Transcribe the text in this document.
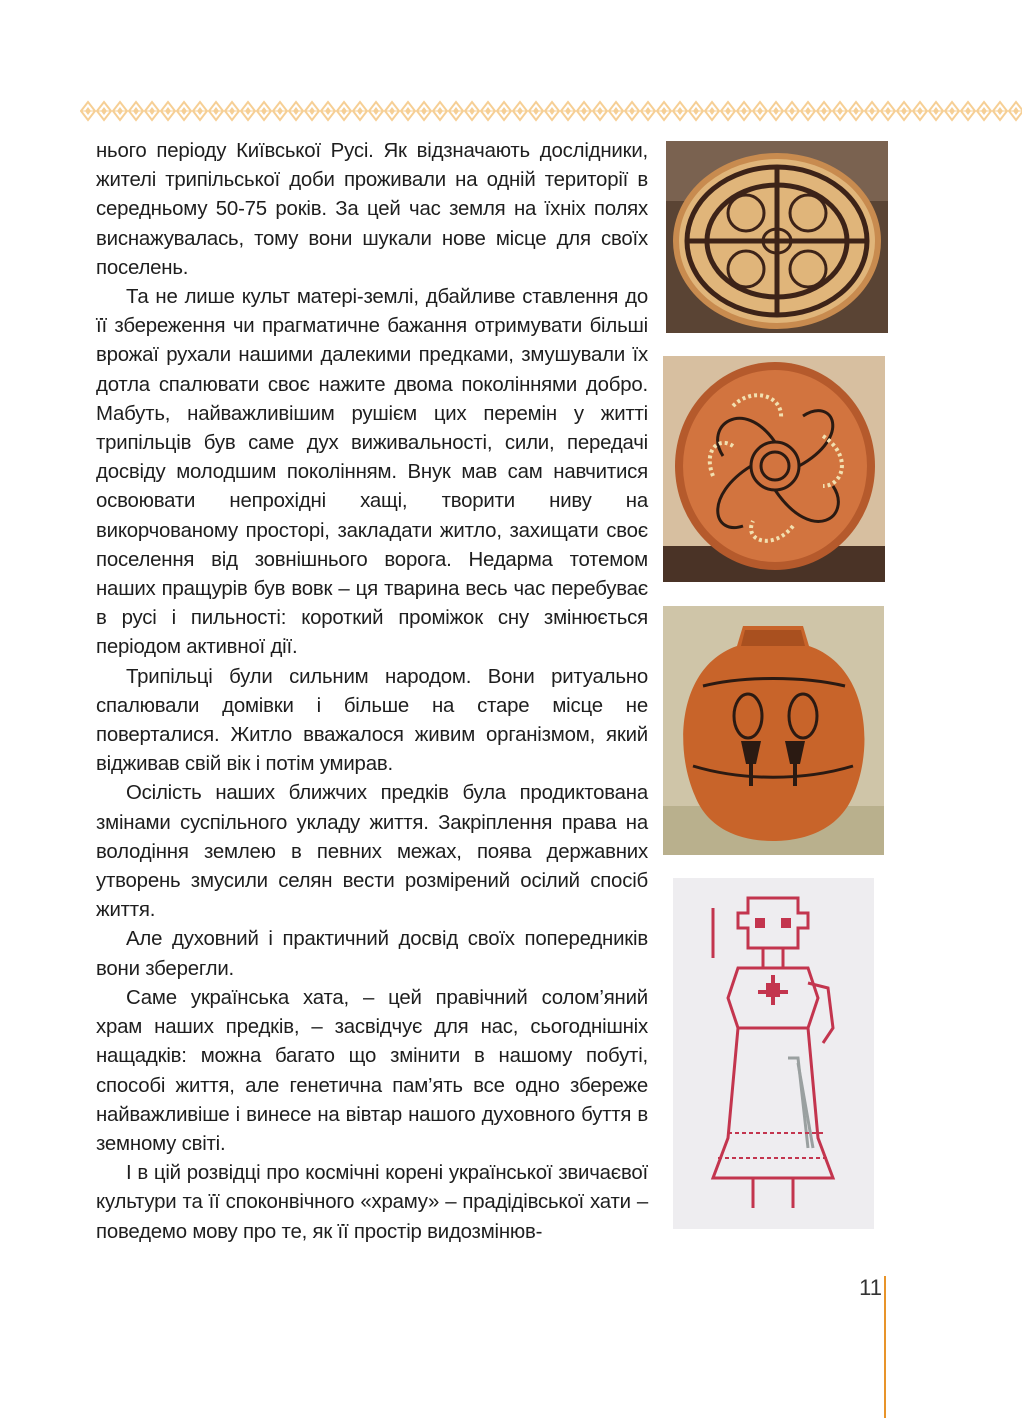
нього періоду Київської Русі. Як відзначають дослідники, жителі трипільської доби проживали на одній території в середньому 50-75 років. За цей час земля на їхніх полях виснажувалась, тому вони шукали нове місце для своїх поселень.

Та не лише культ матері-землі, дбайливе ставлення до її збереження чи прагматичне бажання отримувати більші врожаї рухали нашими далекими предками, змушували їх дотла спалювати своє нажите двома поколіннями добро. Мабуть, найважливішим рушієм цих перемін у житті трипільців був саме дух виживальності, сили, передачі досвіду молодшим поколінням. Внук мав сам навчитися освоювати непрохідні хащі, творити ниву на викорчованому просторі, закладати житло, захищати своє поселення від зовнішнього ворога. Недарма тотемом наших пращурів був вовк – ця тварина весь час перебуває в русі і пильності: короткий проміжок сну змінюється періодом активної дії.

Трипільці були сильним народом. Вони ритуально спалювали домівки і більше на старе місце не поверталися. Житло вважалося живим організмом, який відживав свій вік і потім умирав.

Осілість наших ближчих предків була продиктована змінами суспільного укладу життя. Закріплення права на володіння землею в певних межах, поява державних утворень змусили селян вести розмірений осілий спосіб життя.

Але духовний і практичний досвід своїх попередників вони зберегли.

Саме українська хата, – цей правічний солом’яний храм наших предків, – засвідчує для нас, сьогоднішніх нащадків: можна багато що змінити в нашому побуті, способі життя, але генетична пам’ять все одно збереже найважливіше і винесе на вівтар нашого духовного буття в земному світі.

І в цій розвідці про космічні корені української звичаєвої культури та її споконвічного «храму» – прадідівської хати – поведемо мову про те, як її простір видозмінюв-

11
